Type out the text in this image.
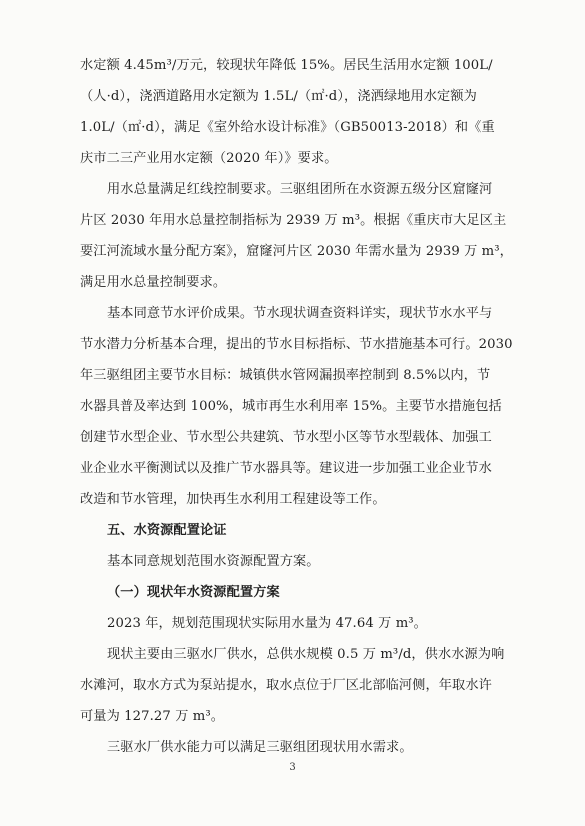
水定额 4.45m³/万元，较现状年降低 15%。居民生活用水定额 100L/
（人·d），浇洒道路用水定额为 1.5L/（㎡·d），浇洒绿地用水定额为
1.0L/（㎡·d），满足《室外给水设计标准》（GB50013-2018）和《重
庆市二三产业用水定额（2020 年）》要求。
用水总量满足红线控制要求。三驱组团所在水资源五级分区窟窿河
片区 2030 年用水总量控制指标为 2939 万 m³。根据《重庆市大足区主
要江河流域水量分配方案》，窟窿河片区 2030 年需水量为 2939 万 m³，
满足用水总量控制要求。
基本同意节水评价成果。节水现状调查资料详实，现状节水水平与
节水潜力分析基本合理，提出的节水目标指标、节水措施基本可行。2030
年三驱组团主要节水目标：城镇供水管网漏损率控制到 8.5%以内，节
水器具普及率达到 100%，城市再生水利用率 15%。主要节水措施包括
创建节水型企业、节水型公共建筑、节水型小区等节水型载体、加强工
业企业水平衡测试以及推广节水器具等。建议进一步加强工业企业节水
改造和节水管理，加快再生水利用工程建设等工作。
五、水资源配置论证
基本同意规划范围水资源配置方案。
（一）现状年水资源配置方案
2023 年，规划范围现状实际用水量为 47.64 万 m³。
现状主要由三驱水厂供水，总供水规模 0.5 万 m³/d，供水水源为响
水滩河，取水方式为泵站提水，取水点位于厂区北部临河侧，年取水许
可量为 127.27 万 m³。
三驱水厂供水能力可以满足三驱组团现状用水需求。
3
